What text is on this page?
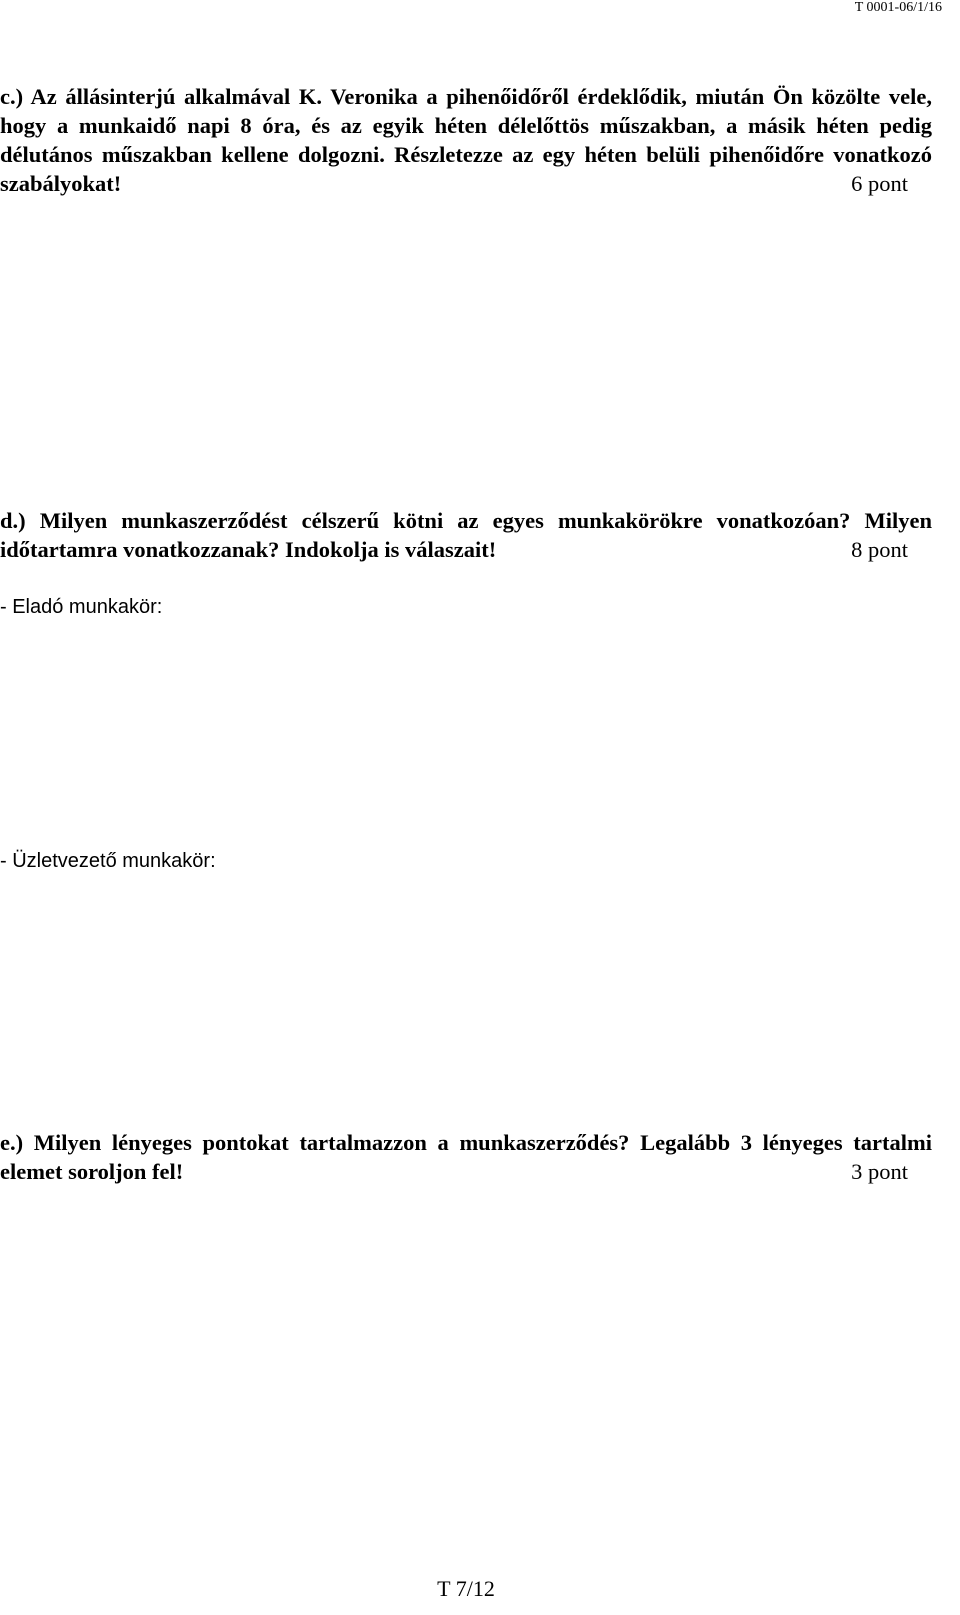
T 0001-06/1/16
c.) Az állásinterjú alkalmával K. Veronika a pihenőidőről érdeklődik, miután Ön közölte vele, hogy a munkaidő napi 8 óra, és az egyik héten délelőttös műszakban, a másik héten pedig délutános műszakban kellene dolgozni. Részletezze az egy héten belüli pihenőidőre vonatkozó szabályokat!	6 pont
d.) Milyen munkaszerződést célszerű kötni az egyes munkakörökre vonatkozóan? Milyen időtartamra vonatkozzanak? Indokolja is válaszait!	8 pont
- Eladó munkakör:
- Üzletvezető munkakör:
e.) Milyen lényeges pontokat tartalmazzon a munkaszerződés? Legalább 3 lényeges tartalmi elemet soroljon fel!	3 pont
T 7/12
